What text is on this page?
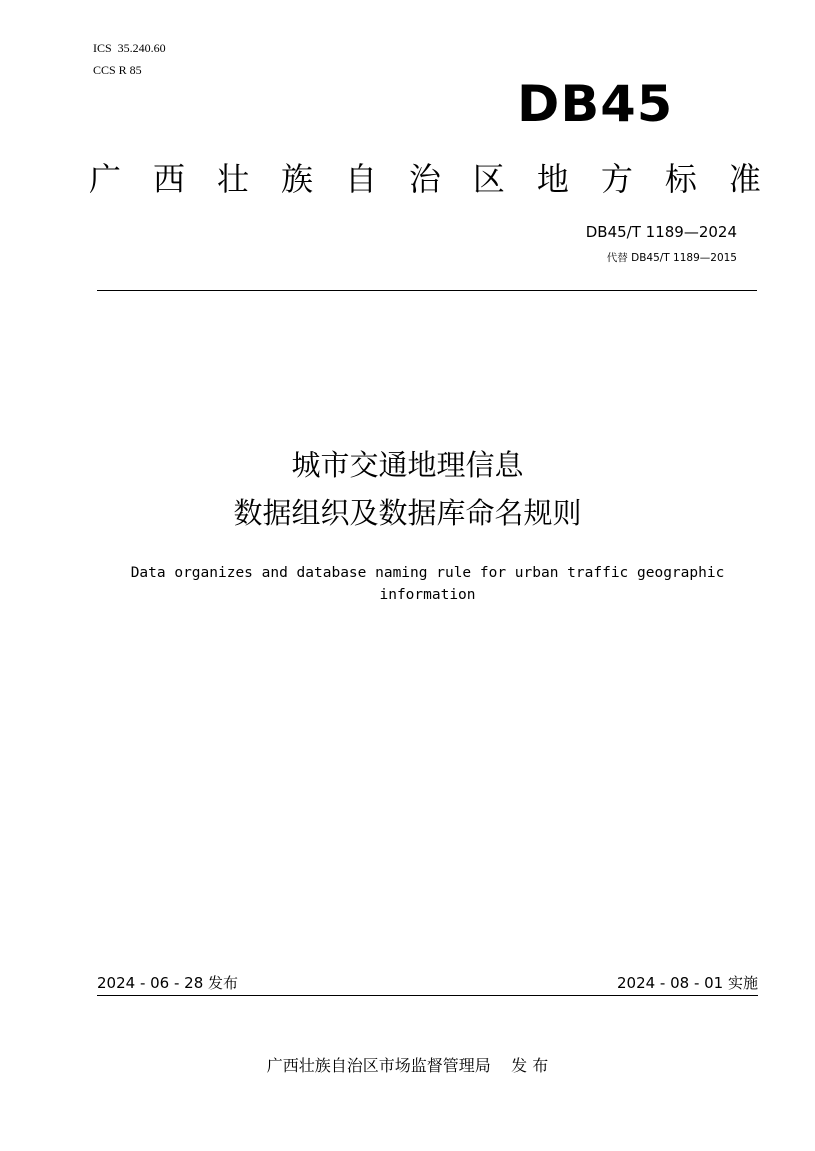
ICS  35.240.60
CCS R 85
DB45
广 西 壮 族 自 治 区 地 方 标 准
DB45/T 1189—2024
代替 DB45/T 1189—2015
城市交通地理信息
数据组织及数据库命名规则
Data organizes and database naming rule for urban traffic geographic information
2024 - 06 - 28 发布	2024 - 08 - 01 实施
广西壮族自治区市场监督管理局    发 布
